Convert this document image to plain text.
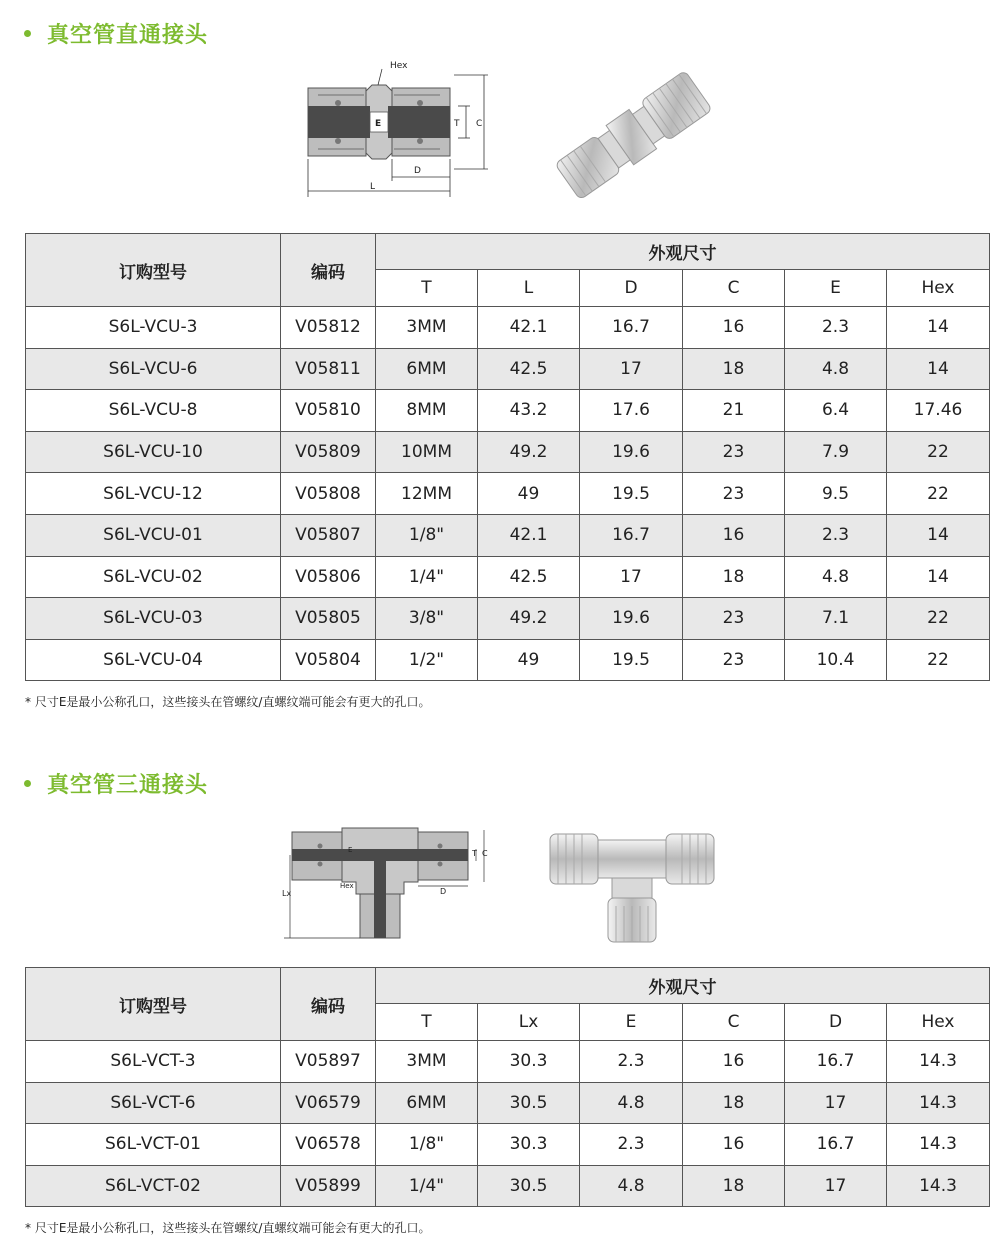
真空管直通接头
Hex
E	T C
D
L
订购型号	编码	外观尺寸					
		T	L	D	C	E	Hex
S6L-VCU-3	V05812	3MM	42.1	16.7	16	2.3	14
S6L-VCU-6	V05811	6MM	42.5	17	18	4.8	14
S6L-VCU-8	V05810	8MM	43.2	17.6	21	6.4	17.46
S6L-VCU-10	V05809	10MM	49.2	19.6	23	7.9	22
S6L-VCU-12	V05808	12MM	49	19.5	23	9.5	22
S6L-VCU-01	V05807	1/8"	42.1	16.7	16	2.3	14
S6L-VCU-02	V05806	1/4"	42.5	17	18	4.8	14
S6L-VCU-03	V05805	3/8"	49.2	19.6	23	7.1	22
S6L-VCU-04	V05804	1/2"	49	19.5	23	10.4	22
* 尺寸E是最小公称孔口，这些接头在管螺纹/直螺纹端可能会有更大的孔口。
真空管三通接头
E	T C
Lx
Hex
D
订购型号	编码	外观尺寸					
		T	Lx	E	C	D	Hex
S6L-VCT-3	V05897	3MM	30.3	2.3	16	16.7	14.3
S6L-VCT-6	V06579	6MM	30.5	4.8	18	17	14.3
S6L-VCT-01	V06578	1/8"	30.3	2.3	16	16.7	14.3
S6L-VCT-02	V05899	1/4"	30.5	4.8	18	17	14.3
* 尺寸E是最小公称孔口，这些接头在管螺纹/直螺纹端可能会有更大的孔口。
